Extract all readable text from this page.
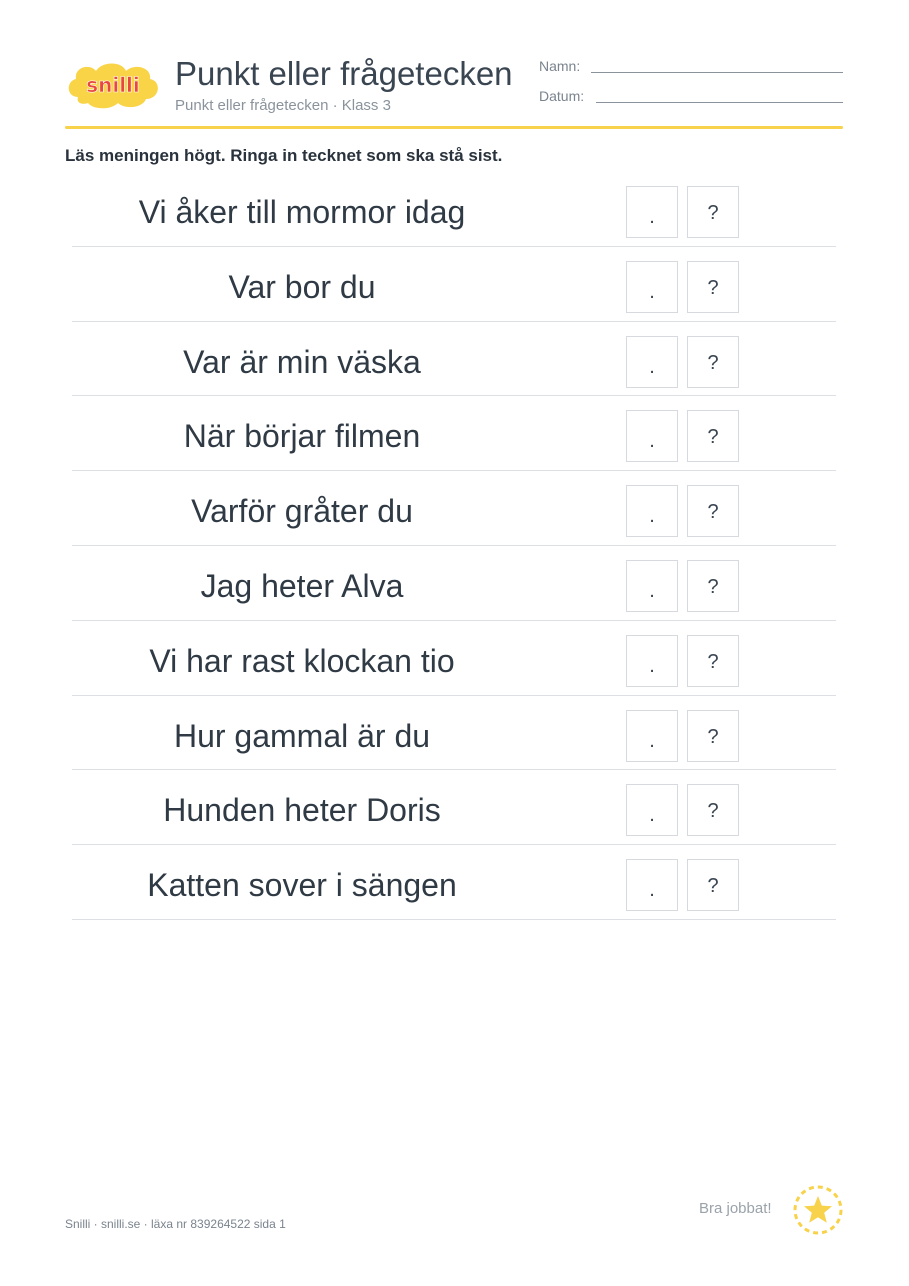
snilli Punkt eller frågetecken
Punkt eller frågetecken · Klass 3
Namn:
Datum:
Läs meningen högt. Ringa in tecknet som ska stå sist.
Vi åker till mormor idag	.	?
Var bor du	.	?
Var är min väska	.	?
När börjar filmen	.	?
Varför gråter du	.	?
Jag heter Alva	.	?
Vi har rast klockan tio	.	?
Hur gammal är du	.	?
Hunden heter Doris	.	?
Katten sover i sängen	.	?
Snilli · snilli.se · läxa nr 839264522 sida 1
Bra jobbat!
